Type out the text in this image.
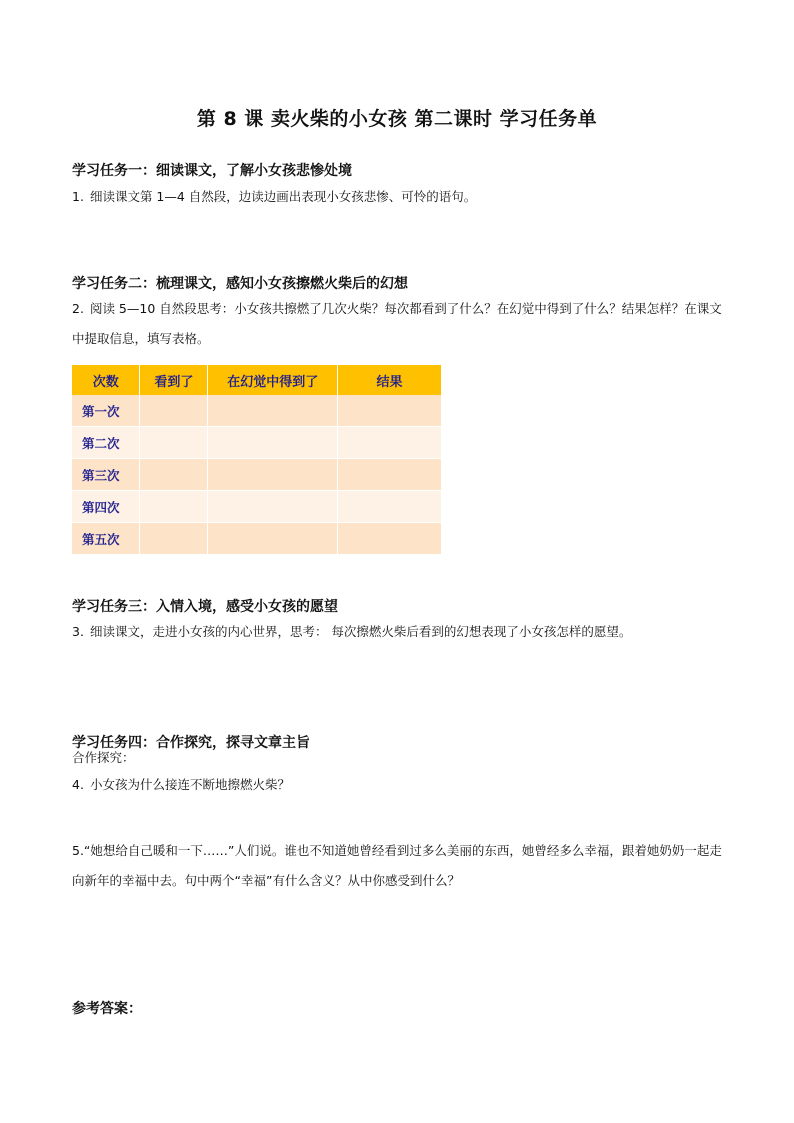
第 8 课 卖火柴的小女孩 第二课时 学习任务单
学习任务一：细读课文，了解小女孩悲惨处境
1. 细读课文第 1—4 自然段，边读边画出表现小女孩悲惨、可怜的语句。
学习任务二：梳理课文，感知小女孩擦燃火柴后的幻想
2. 阅读 5—10 自然段思考：小女孩共擦燃了几次火柴？每次都看到了什么？在幻觉中得到了什么？结果怎样？在课文中提取信息，填写表格。
次数	看到了	在幻觉中得到了	结果
第一次			
第二次			
第三次			
第四次			
第五次			
学习任务三：入情入境，感受小女孩的愿望
3. 细读课文，走进小女孩的内心世界，思考： 每次擦燃火柴后看到的幻想表现了小女孩怎样的愿望。
学习任务四：合作探究，探寻文章主旨
合作探究：
4. 小女孩为什么接连不断地擦燃火柴？
5.“她想给自己暖和一下……”人们说。谁也不知道她曾经看到过多么美丽的东西，她曾经多么幸福，跟着她奶奶一起走向新年的幸福中去。句中两个“幸福”有什么含义？从中你感受到什么？
参考答案：
